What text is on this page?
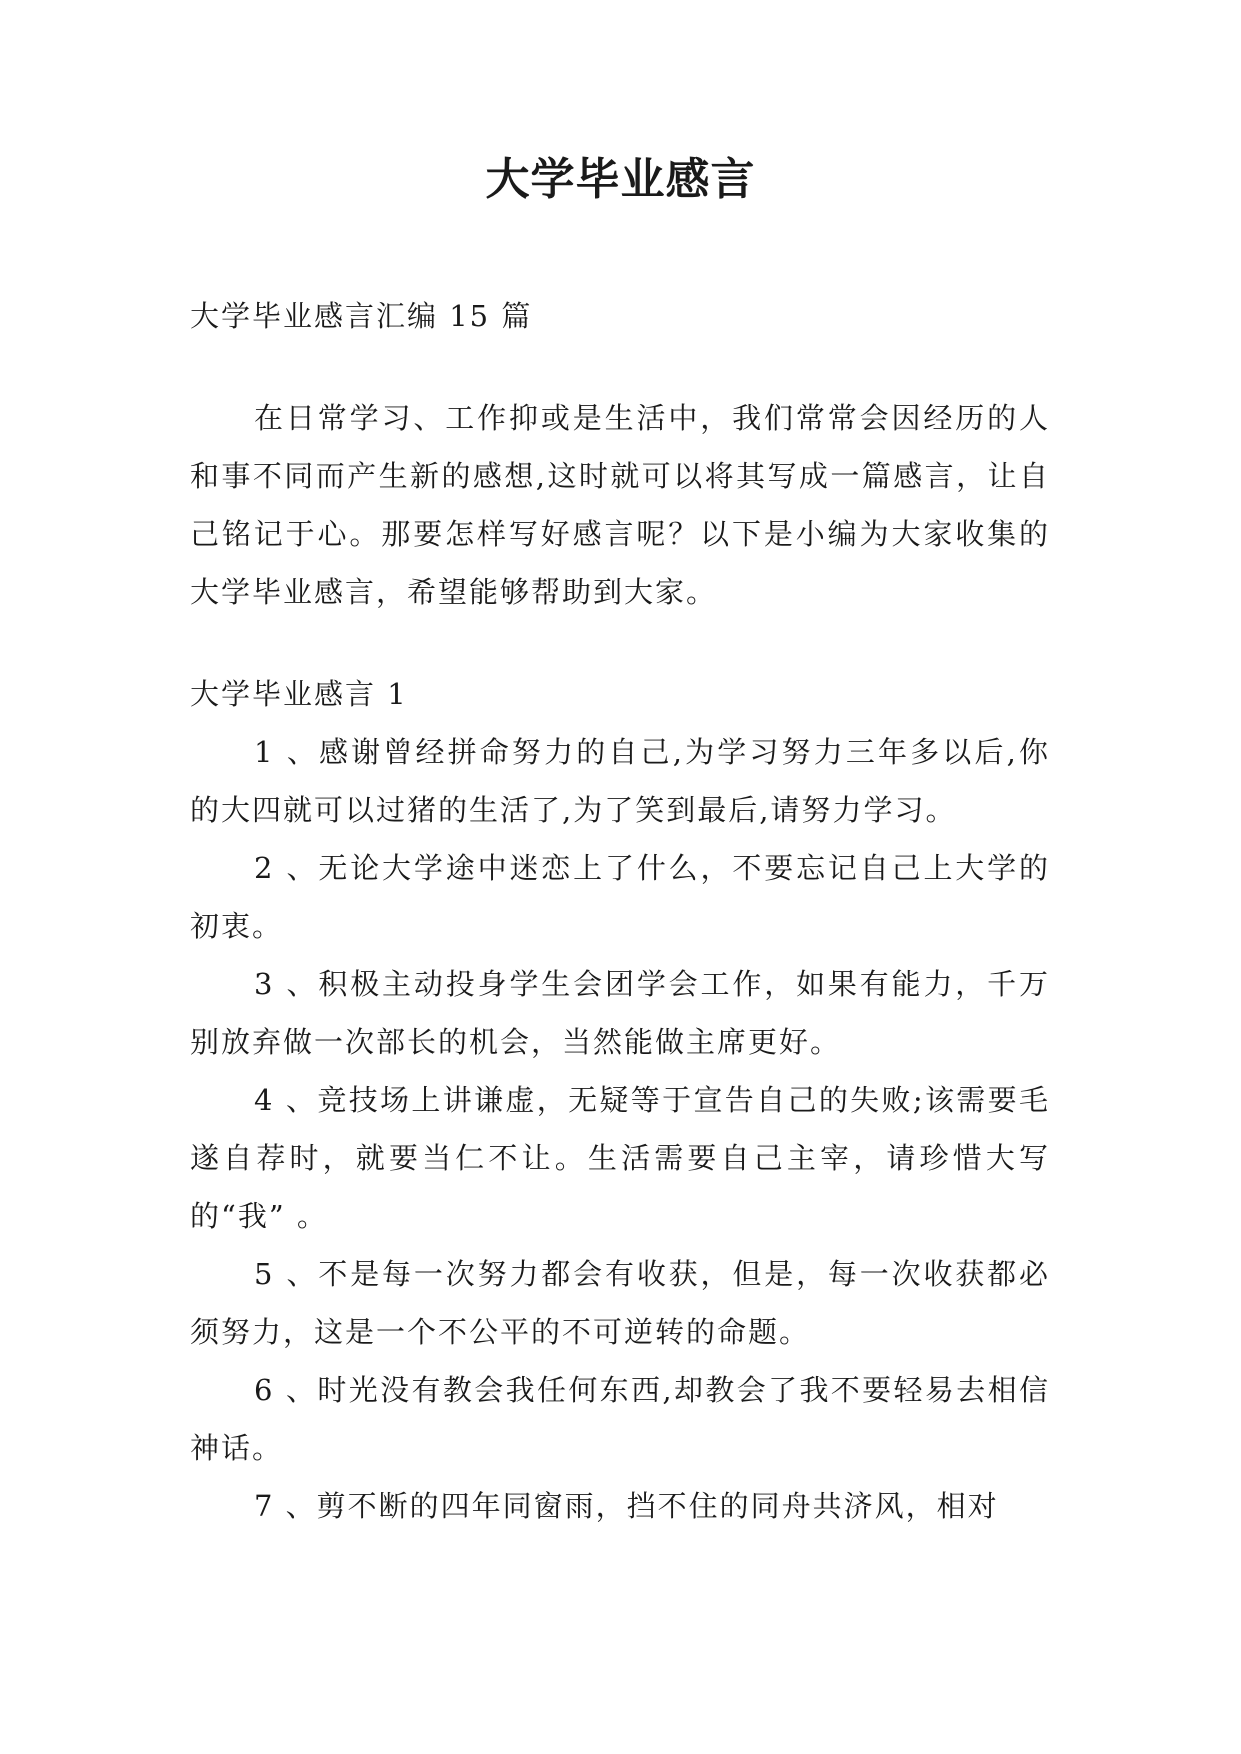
大学毕业感言

大学毕业感言汇编 15 篇

在日常学习、工作抑或是生活中，我们常常会因经历的人和事不同而产生新的感想,这时就可以将其写成一篇感言，让自己铭记于心。那要怎样写好感言呢？以下是小编为大家收集的大学毕业感言，希望能够帮助到大家。

大学毕业感言 1

1 、感谢曾经拼命努力的自己,为学习努力三年多以后,你的大四就可以过猪的生活了,为了笑到最后,请努力学习。

2 、无论大学途中迷恋上了什么，不要忘记自己上大学的初衷。

3 、积极主动投身学生会团学会工作，如果有能力，千万别放弃做一次部长的机会，当然能做主席更好。

4 、竞技场上讲谦虚，无疑等于宣告自己的失败;该需要毛遂自荐时，就要当仁不让。生活需要自己主宰，请珍惜大写的“我” 。

5 、不是每一次努力都会有收获，但是，每一次收获都必须努力，这是一个不公平的不可逆转的命题。

6 、时光没有教会我任何东西,却教会了我不要轻易去相信神话。

7 、剪不断的四年同窗雨，挡不住的同舟共济风，相对
